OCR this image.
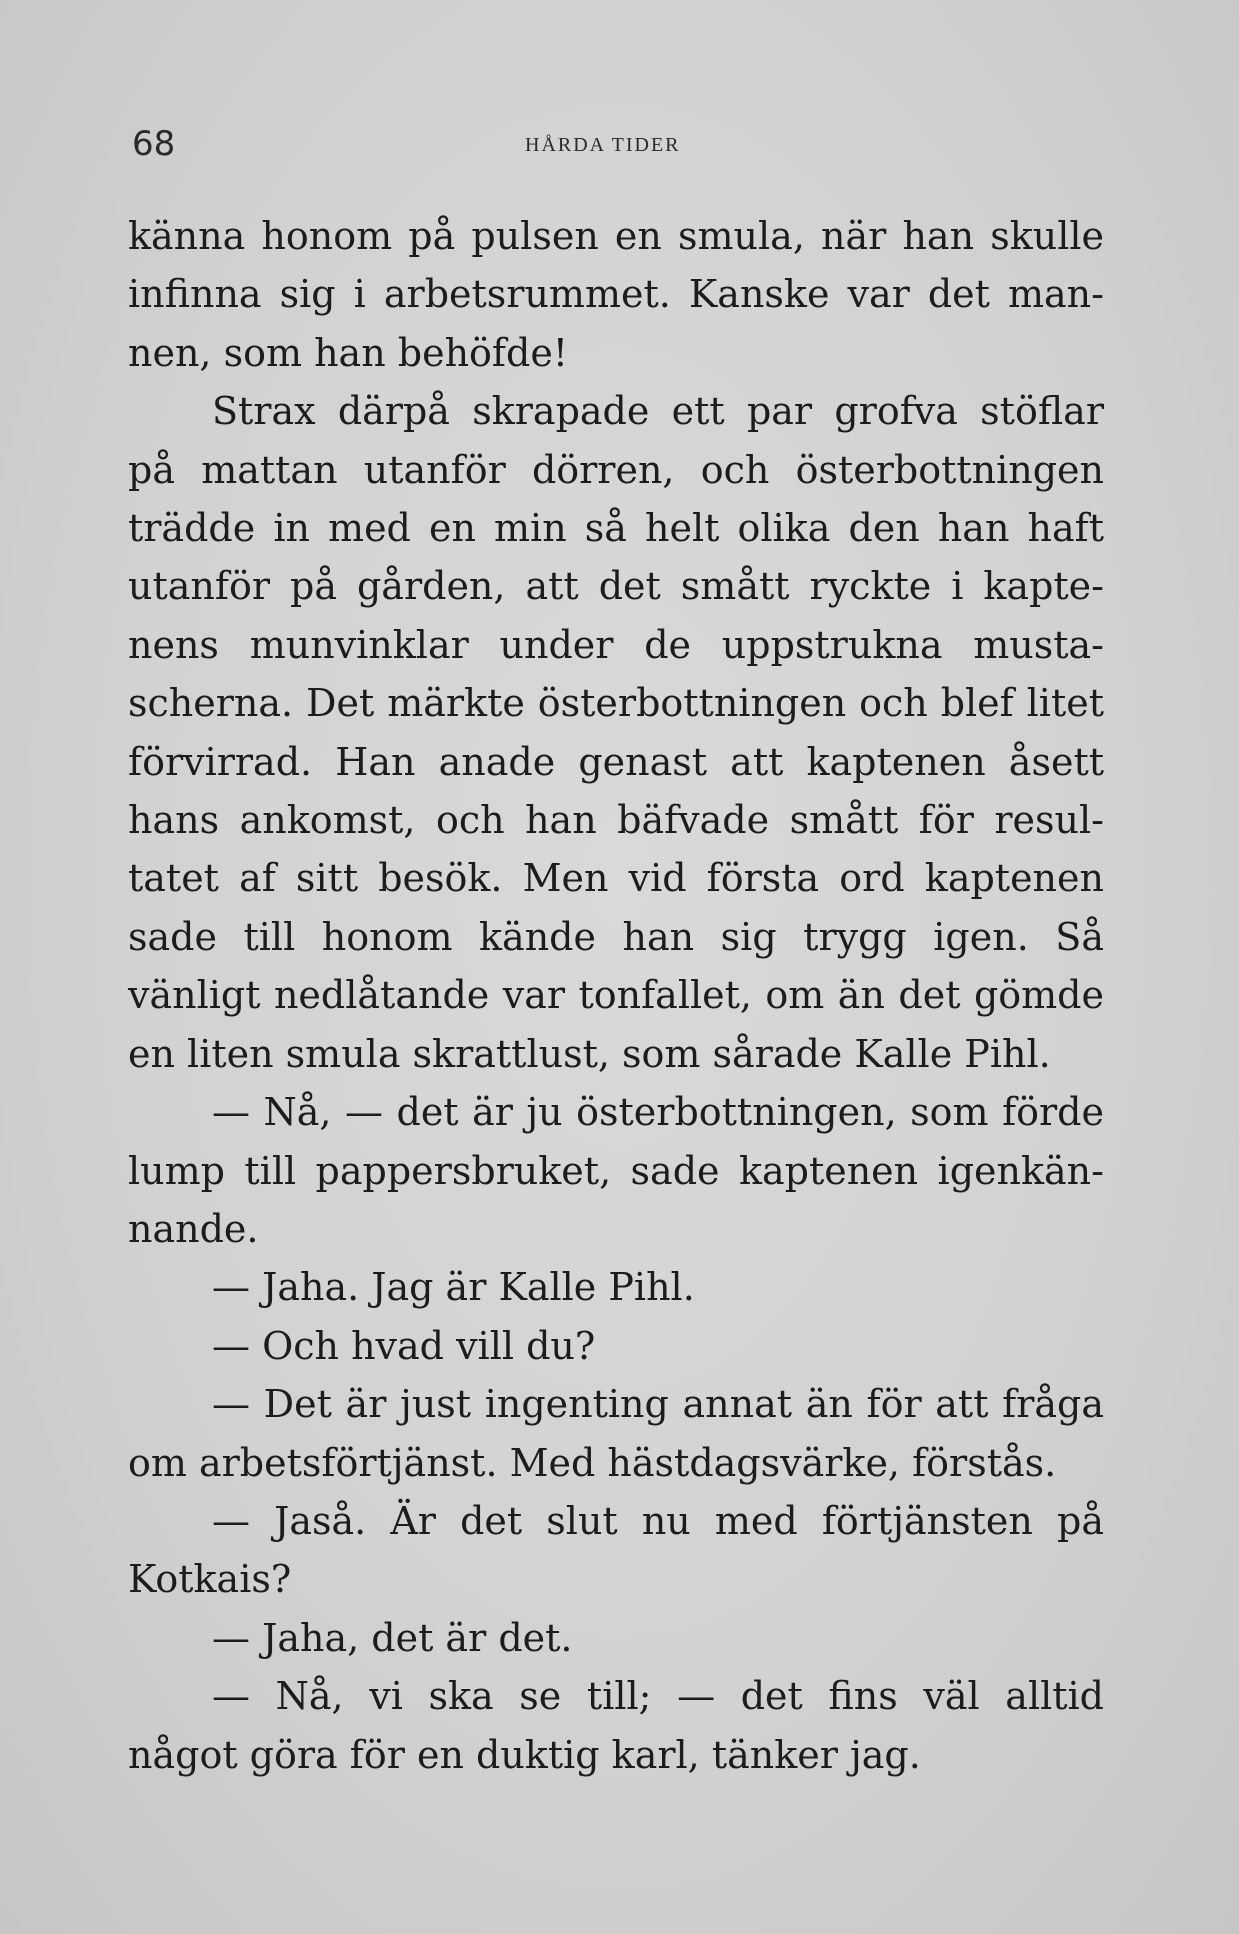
68	HÅRDA TIDER
känna honom på pulsen en smula, när han skulle
infinna sig i arbetsrummet. Kanske var det man-
nen, som han behöfde!
Strax därpå skrapade ett par grofva stöflar
på mattan utanför dörren, och österbottningen
trädde in med en min så helt olika den han haft
utanför på gården, att det smått ryckte i kapte-
nens munvinklar under de uppstrukna musta-
scherna. Det märkte österbottningen och blef litet
förvirrad. Han anade genast att kaptenen åsett
hans ankomst, och han bäfvade smått för resul-
tatet af sitt besök. Men vid första ord kaptenen
sade till honom kände han sig trygg igen. Så
vänligt nedlåtande var tonfallet, om än det gömde
en liten smula skrattlust, som sårade Kalle Pihl.
— Nå, — det är ju österbottningen, som förde
lump till pappersbruket, sade kaptenen igenkän-
nande.
— Jaha. Jag är Kalle Pihl.
— Och hvad vill du?
— Det är just ingenting annat än för att fråga
om arbetsförtjänst. Med hästdagsvärke, förstås.
— Jaså. Är det slut nu med förtjänsten på
Kotkais?
— Jaha, det är det.
— Nå, vi ska se till; — det fins väl alltid
något göra för en duktig karl, tänker jag.
